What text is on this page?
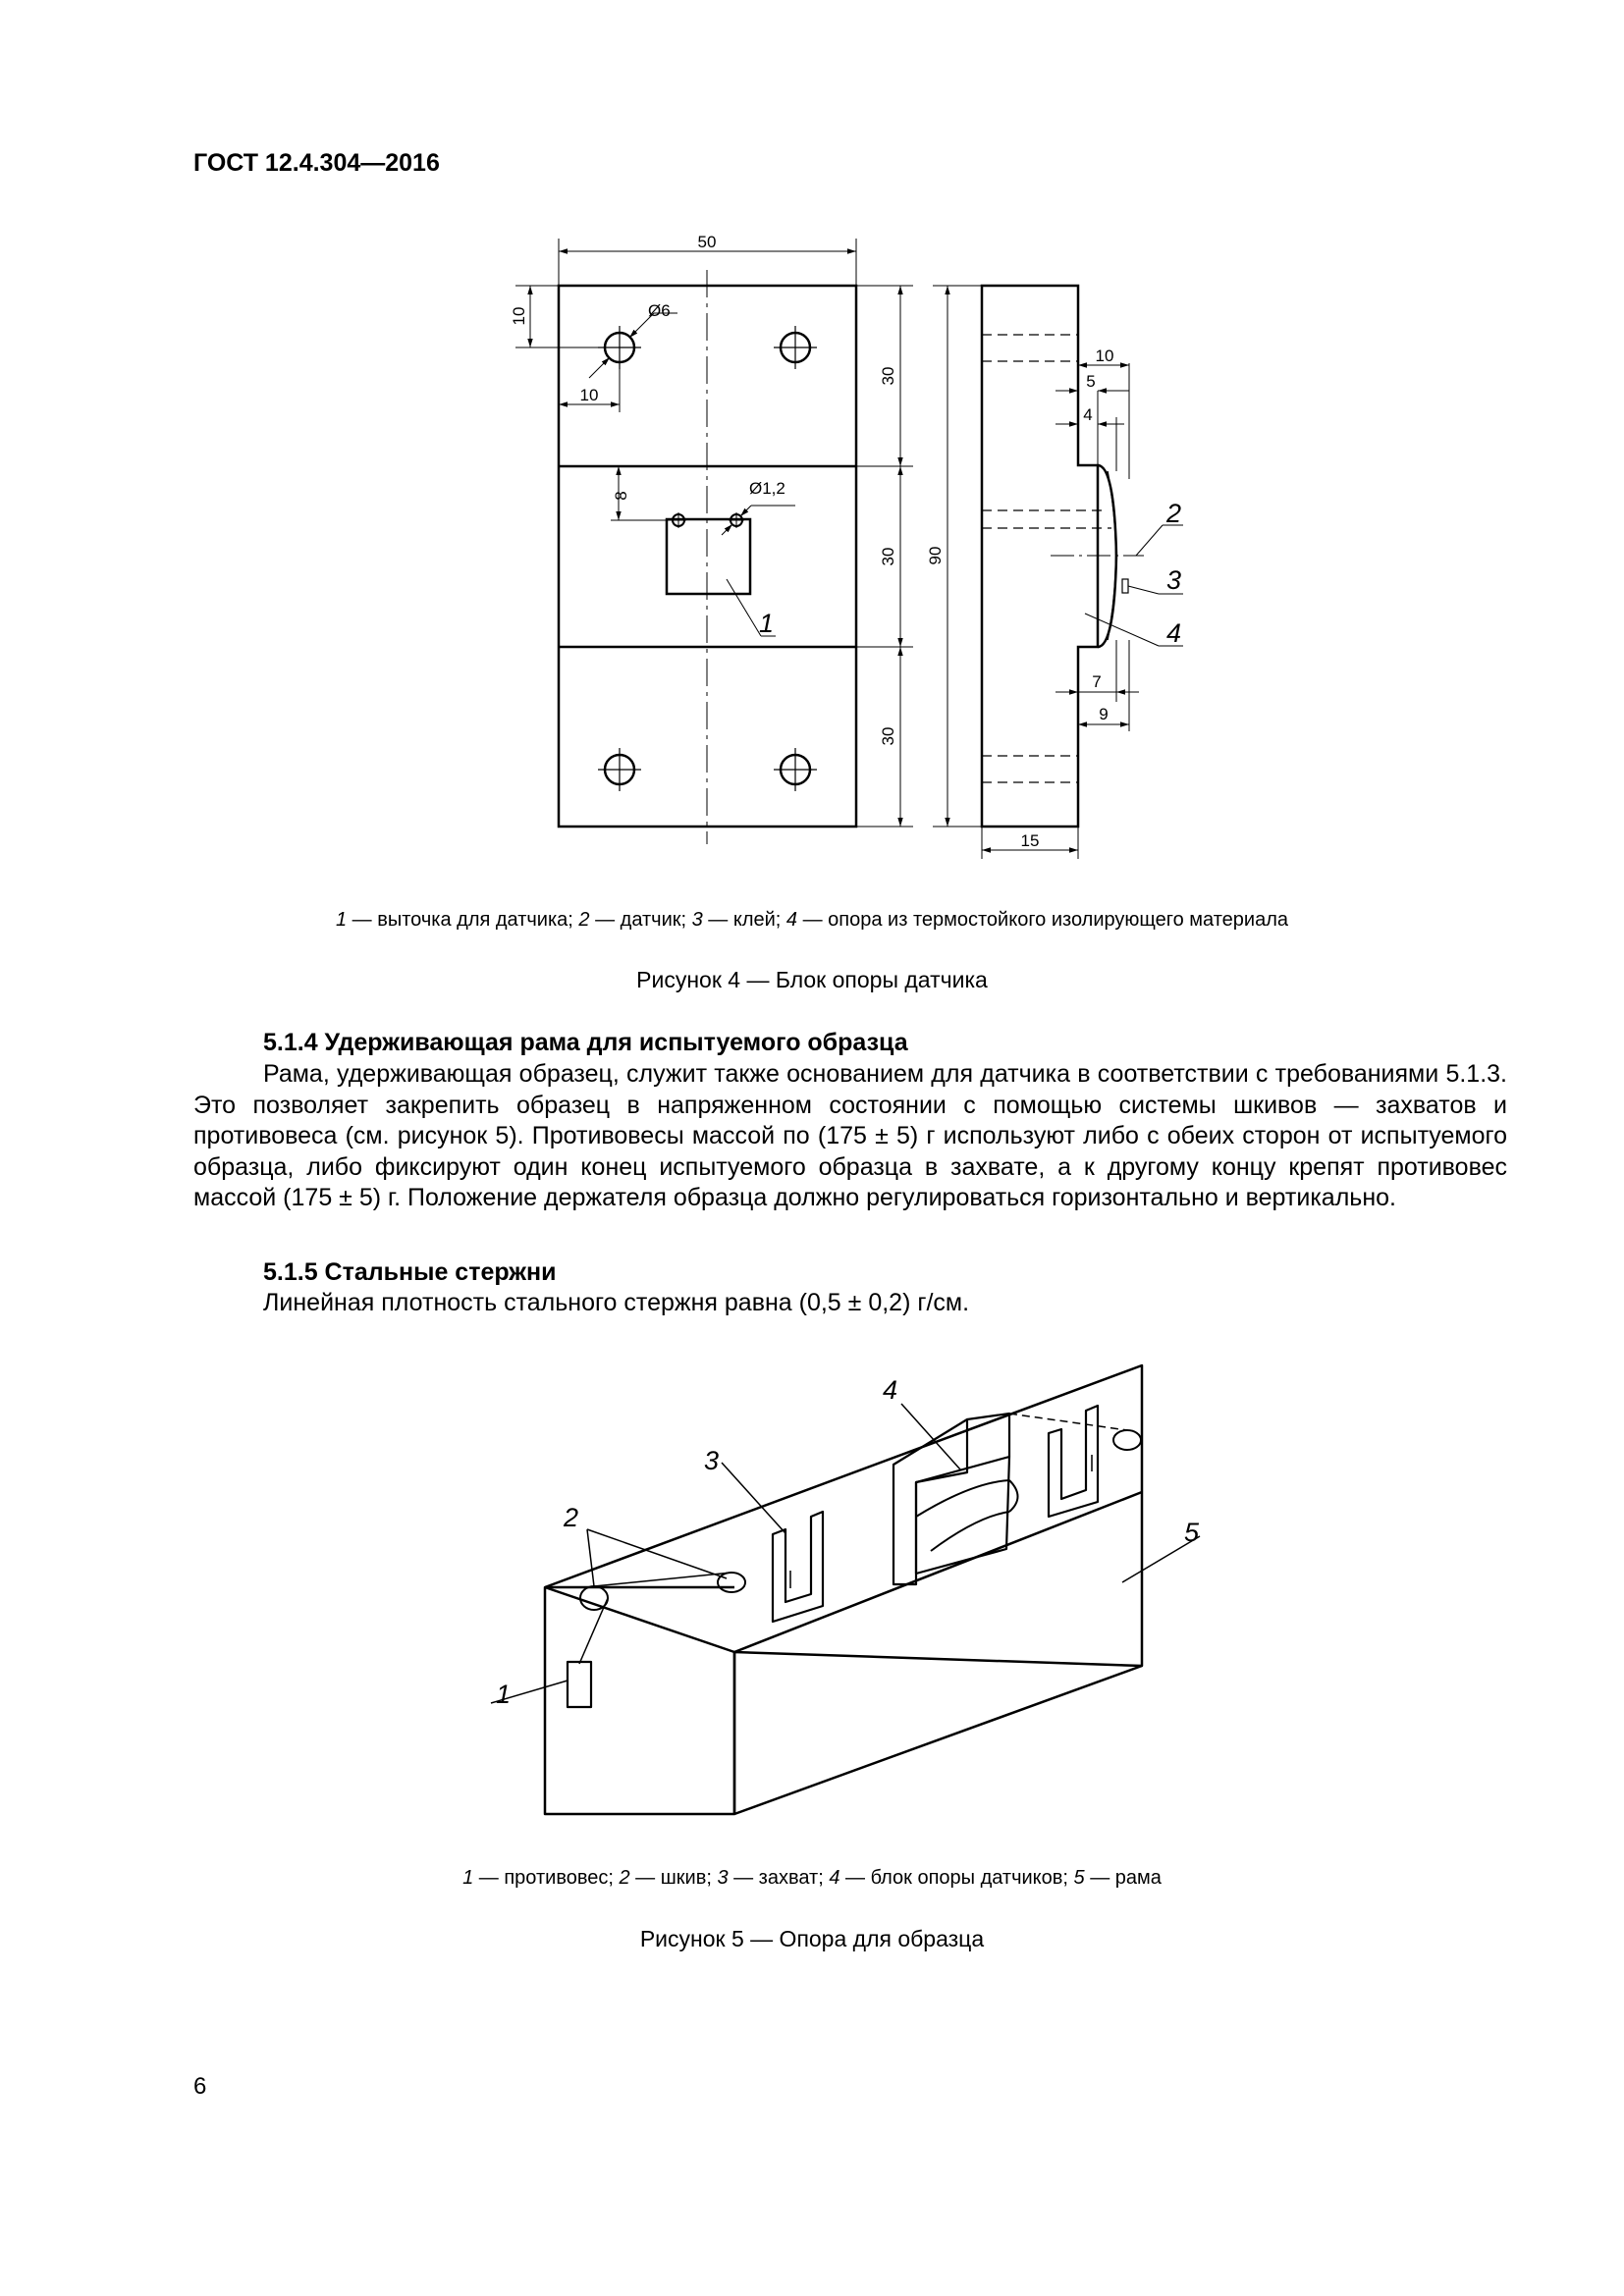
ГОСТ 12.4.304—2016
50
10	Ø6
10
8	Ø1,2
30
30
30
90
10
5
4
7
9
15
1
2
3
4
1 — выточка для датчика; 2 — датчик; 3 — клей; 4 — опора из термостойкого изолирующего материала
Рисунок 4 — Блок опоры датчика
5.1.4 Удерживающая рама для испытуемого образца

Рама, удерживающая образец, служит также основанием для датчика в соответствии с требованиями 5.1.3. Это позволяет закрепить образец в напряженном состоянии с помощью системы шкивов — захватов и противовеса (см. рисунок 5). Противовесы массой по (175 ± 5) г используют либо с обеих сторон от испытуемого образца, либо фиксируют один конец испытуемого образца в захвате, а к другому концу крепят противовес массой (175 ± 5) г. Положение держателя образца должно регулироваться горизонтально и вертикально.

5.1.5 Стальные стержни
Линейная плотность стального стержня равна (0,5 ± 0,2) г/см.
1
2
3
4
5
1 — противовес; 2 — шкив; 3 — захват; 4 — блок опоры датчиков; 5 — рама
Рисунок 5 — Опора для образца
6
